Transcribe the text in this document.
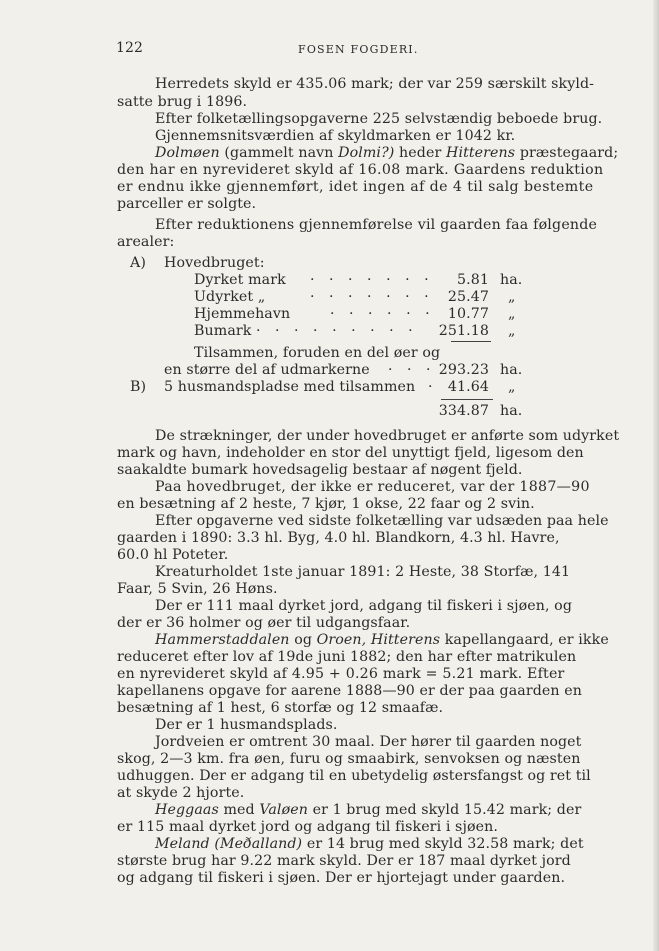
122	FOSEN FOGDERI.
Herredets skyld er 435.06 mark; der var 259 særskilt skyld-
satte brug i 1896.
Efter folketællingsopgaverne 225 selvstændig beboede brug.
Gjennemsnitsværdien af skyldmarken er 1042 kr.
Dolmøen (gammelt navn Dolmi?) heder Hitterens præstegaard;
den har en nyrevideret skyld af 16.08 mark. Gaardens reduktion
er endnu ikke gjennemført, idet ingen af de 4 til salg bestemte
parceller er solgte.
Efter reduktionens gjennemførelse vil gaarden faa følgende
arealer:
A) Hovedbruget:
Dyrket mark · · · · · · · 5.81 ha.
Udyrket „	· · · · · · · 25.47 „
Hjemmehavn	· · · · · · 10.77 „
Bumark · · · · · · · · · 251.18 „
Tilsammen, foruden en del øer og
en større del af udmarkerne · · · 293.23 ha.
B) 5 husmandspladse med tilsammen · 41.64 „
334.87 ha.
De strækninger, der under hovedbruget er anførte som udyrket
mark og havn, indeholder en stor del unyttigt fjeld, ligesom den
saakaldte bumark hovedsagelig bestaar af nøgent fjeld.
Paa hovedbruget, der ikke er reduceret, var der 1887—90
en besætning af 2 heste, 7 kjør, 1 okse, 22 faar og 2 svin.
Efter opgaverne ved sidste folketælling var udsæden paa hele
gaarden i 1890: 3.3 hl. Byg, 4.0 hl. Blandkorn, 4.3 hl. Havre,
60.0 hl Poteter.
Kreaturholdet 1ste januar 1891: 2 Heste, 38 Storfæ, 141
Faar, 5 Svin, 26 Høns.
Der er 111 maal dyrket jord, adgang til fiskeri i sjøen, og
der er 36 holmer og øer til udgangsfaar.
Hammerstaddalen og Oroen, Hitterens kapellangaard, er ikke
reduceret efter lov af 19de juni 1882; den har efter matrikulen
en nyrevideret skyld af 4.95 + 0.26 mark = 5.21 mark. Efter
kapellanens opgave for aarene 1888—90 er der paa gaarden en
besætning af 1 hest, 6 storfæ og 12 smaafæ.
Der er 1 husmandsplads.
Jordveien er omtrent 30 maal. Der hører til gaarden noget
skog, 2—3 km. fra øen, furu og smaabirk, senvoksen og næsten
udhuggen. Der er adgang til en ubetydelig østersfangst og ret til
at skyde 2 hjorte.
Heggaas med Valøen er 1 brug med skyld 15.42 mark; der
er 115 maal dyrket jord og adgang til fiskeri i sjøen.
Meland (Meðalland) er 14 brug med skyld 32.58 mark; det
største brug har 9.22 mark skyld. Der er 187 maal dyrket jord
og adgang til fiskeri i sjøen. Der er hjortejagt under gaarden.
